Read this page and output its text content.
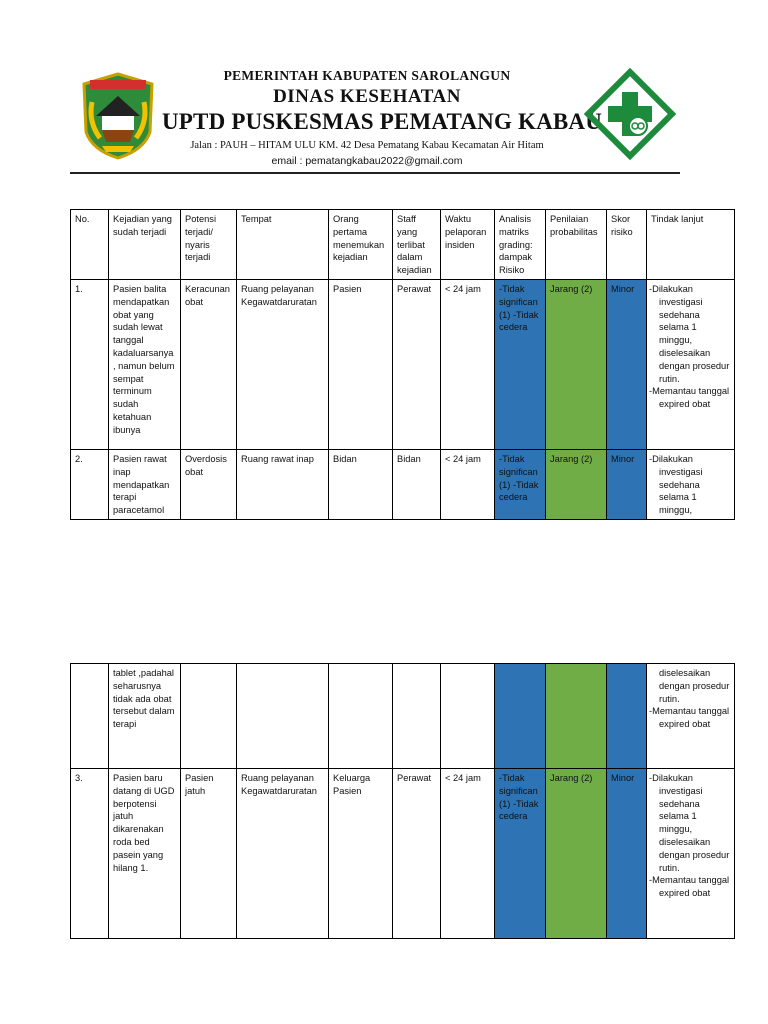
PEMERINTAH KABUPATEN SAROLANGUN
DINAS KESEHATAN
UPTD PUSKESMAS PEMATANG KABAU
Jalan : PAUH – HITAM ULU KM. 42 Desa Pematang Kabau Kecamatan Air Hitam
email : pematangkabau2022@gmail.com
No.	Kejadian yang sudah terjadi	Potensi terjadi/ nyaris terjadi	Tempat	Orang pertama menemukan kejadian	Staff yang terlibat dalam kejadian	Waktu pelaporan insiden	Analisis matriks grading: dampak Risiko	Penilaian probabilitas	Skor risiko	Tindak lanjut
1.	Pasien balita mendapatkan obat yang sudah lewat tanggal kadaluarsanya , namun belum sempat terminum sudah ketahuan ibunya	Keracunan obat	Ruang pelayanan Kegawatdaruratan	Pasien	Perawat	< 24 jam	-Tidak significan (1) -Tidak cedera	Jarang (2)	Minor	-Dilakukan investigasi sedehana selama 1 minggu, diselesaikan dengan prosedur rutin.
-Memantau tanggal expired obat

2.	Pasien rawat inap mendapatkan terapi paracetamol	Overdosis obat	Ruang rawat inap	Bidan	Bidan	< 24 jam	-Tidak significan (1) -Tidak cedera	Jarang (2)	Minor	-Dilakukan investigasi sedehana selama 1 minggu,
	tablet ,padahal seharusnya tidak ada obat tersebut dalam terapi									diselesaikan dengan prosedur rutin.
-Memantau tanggal expired obat

3.	Pasien baru datang di UGD berpotensi jatuh dikarenakan roda bed pasein yang hilang 1.	Pasien jatuh	Ruang pelayanan Kegawatdaruratan	Keluarga Pasien	Perawat	< 24 jam	-Tidak significan (1) -Tidak cedera	Jarang (2)	Minor	-Dilakukan investigasi sedehana selama 1 minggu, diselesaikan dengan prosedur rutin.
-Memantau tanggal expired obat
